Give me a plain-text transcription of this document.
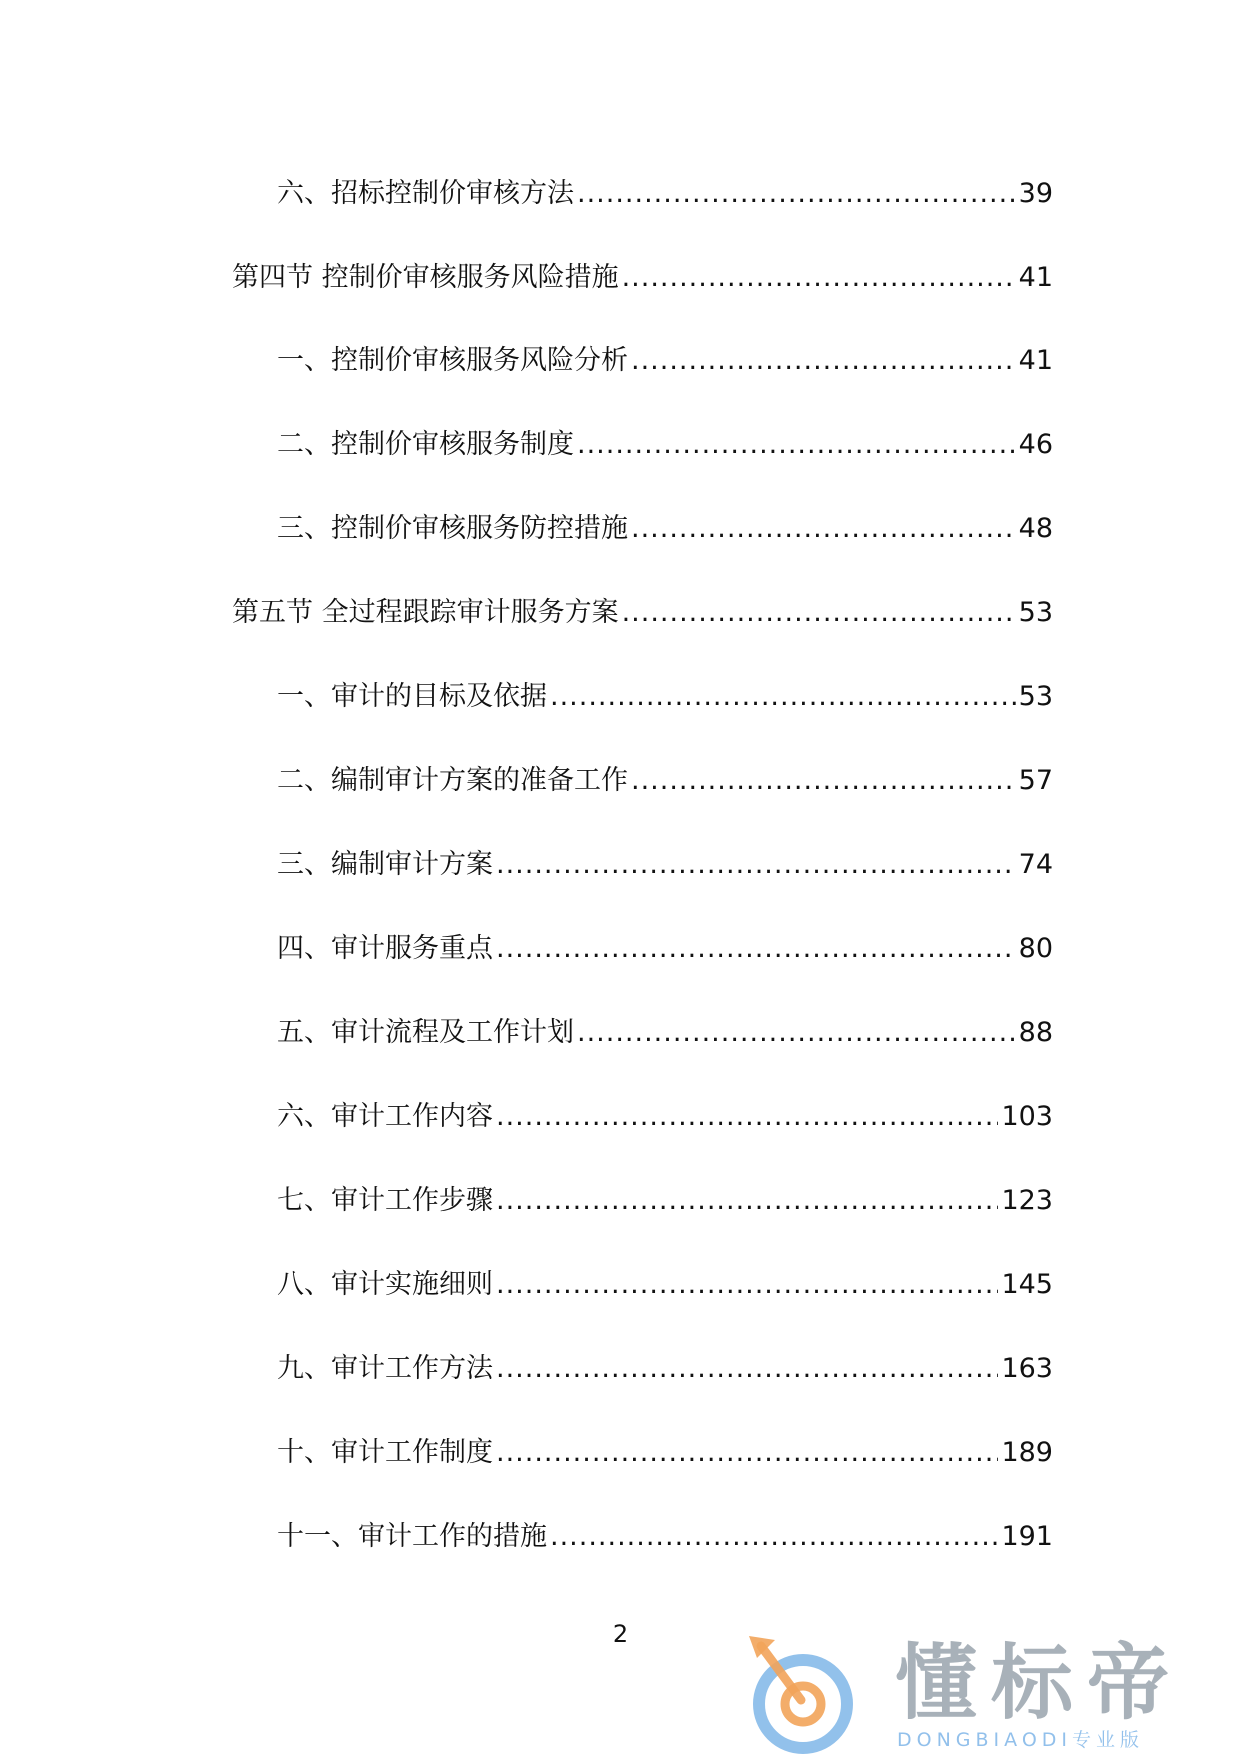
六、招标控制价审核方法 .....	39
第四节 控制价审核服务风险措施 .....	41
一、控制价审核服务风险分析 .....	41
二、控制价审核服务制度 .....	46
三、控制价审核服务防控措施 .....	48
第五节 全过程跟踪审计服务方案 .....	53
一、审计的目标及依据 .....	53
二、编制审计方案的准备工作 .....	57
三、编制审计方案 .....	74
四、审计服务重点 .....	80
五、审计流程及工作计划 .....	88
六、审计工作内容 .....	103
七、审计工作步骤 .....	123
八、审计实施细则 .....	145
九、审计工作方法 .....	163
十、审计工作制度 .....	189
十一、审计工作的措施 .....	191
2
懂标帝
DONGBIAODI专业版
